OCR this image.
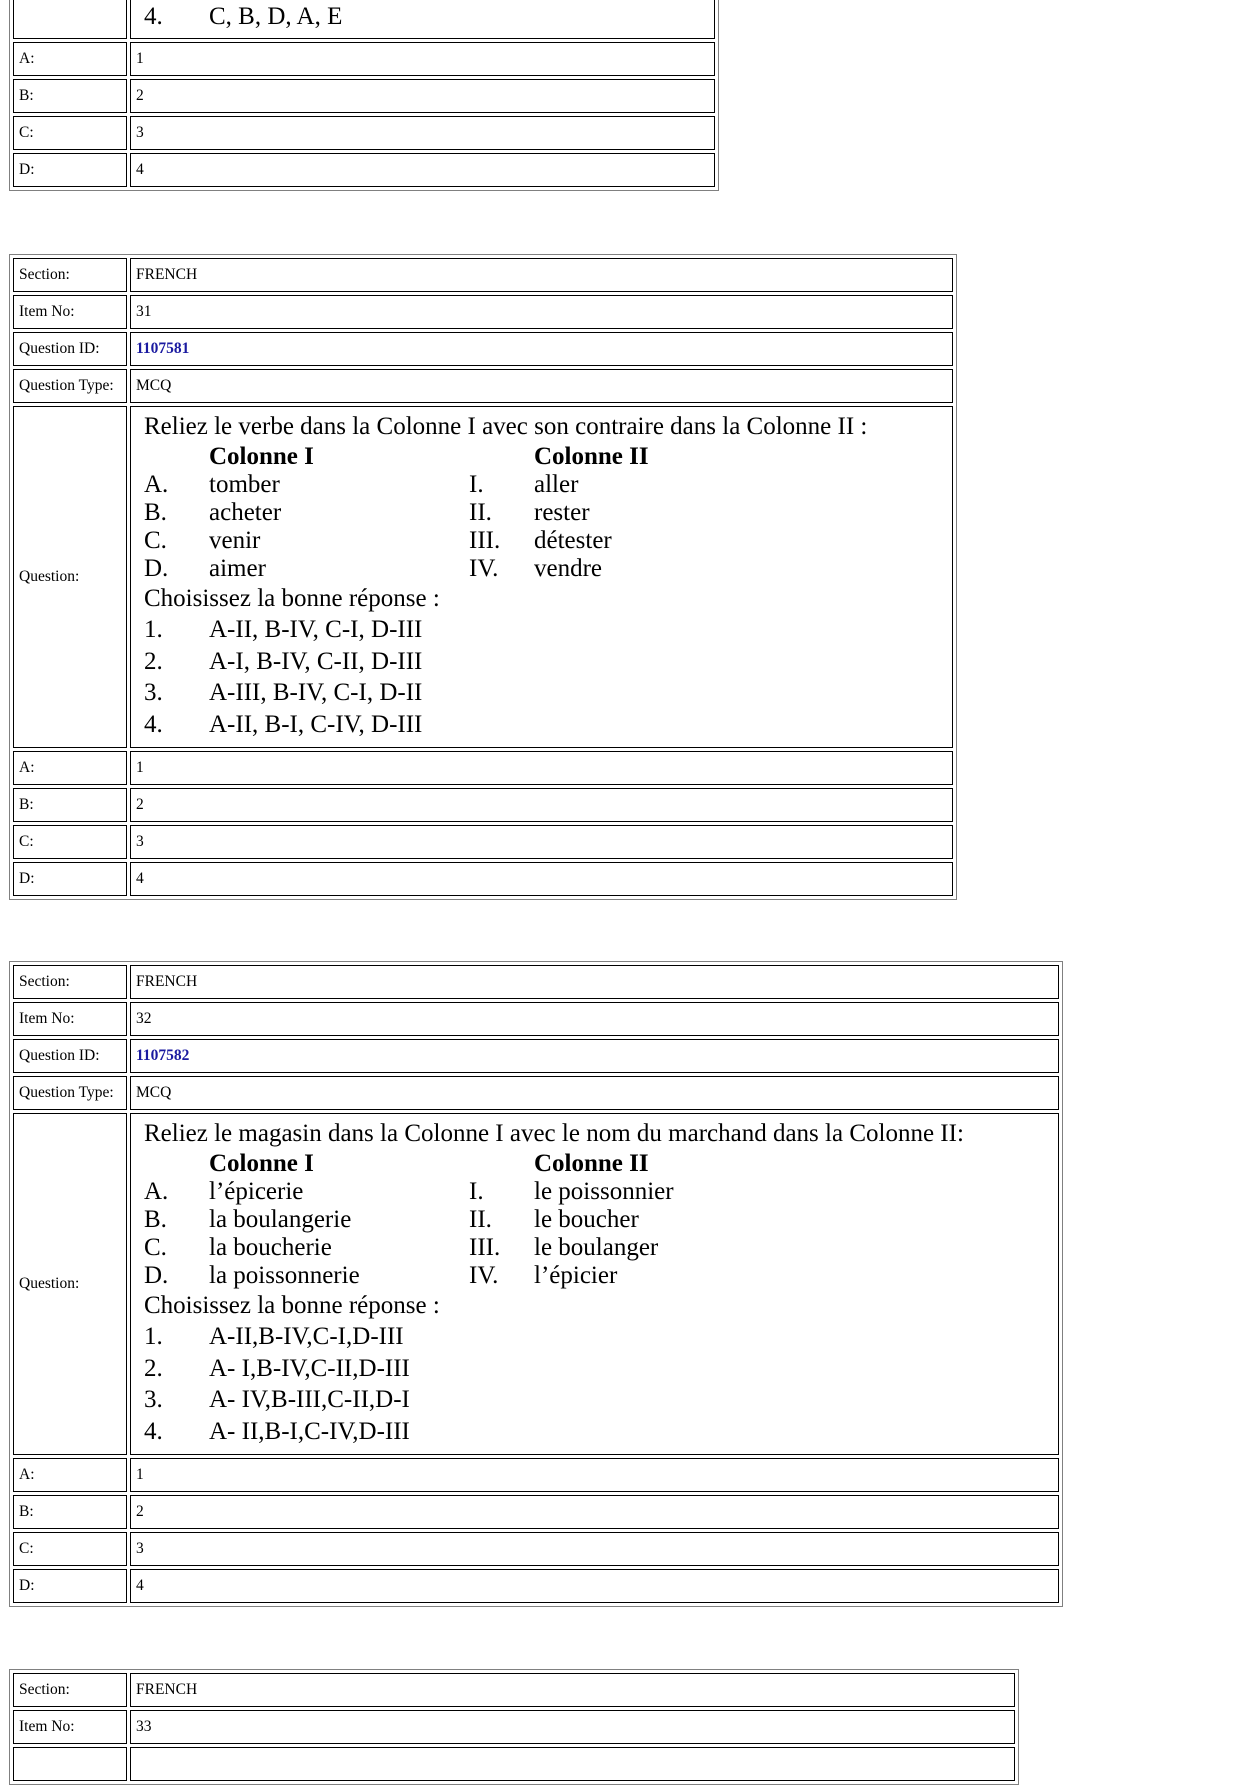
	4. C, B, D, A, E

A:	1
B:	2
C:	3
D:	4
Section:	FRENCH
Item No:	31
Question ID:	1107581
Question Type:	MCQ
Question:	
Reliez le verbe dans la Colonne I avec son contraire dans la Colonne II :
	Colonne I		Colonne II
A.	tomber	I.	aller
B.	acheter	II.	rester
C.	venir	III.	détester
D.	aimer	IV.	vendre
Choisissez la bonne réponse :
1.	A-II, B-IV, C-I, D-III
2.	A-I, B-IV, C-II, D-III
3.	A-III, B-IV, C-I, D-II
4.	A-II, B-I, C-IV, D-III

A:	1
B:	2
C:	3
D:	4
Section:	FRENCH
Item No:	32
Question ID:	1107582
Question Type:	MCQ
Question:	
Reliez le magasin dans la Colonne I avec le nom du marchand dans la Colonne II:
	Colonne I		Colonne II
A.	l’épicerie	I.	le poissonnier
B.	la boulangerie	II.	le boucher
C.	la boucherie	III.	le boulanger
D.	la poissonnerie	IV.	l’épicier
Choisissez la bonne réponse :
1.	A-II,B-IV,C-I,D-III
2.	A- I,B-IV,C-II,D-III
3.	A- IV,B-III,C-II,D-I
4.	A- II,B-I,C-IV,D-III

A:	1
B:	2
C:	3
D:	4
Section:	FRENCH
Item No:	33
